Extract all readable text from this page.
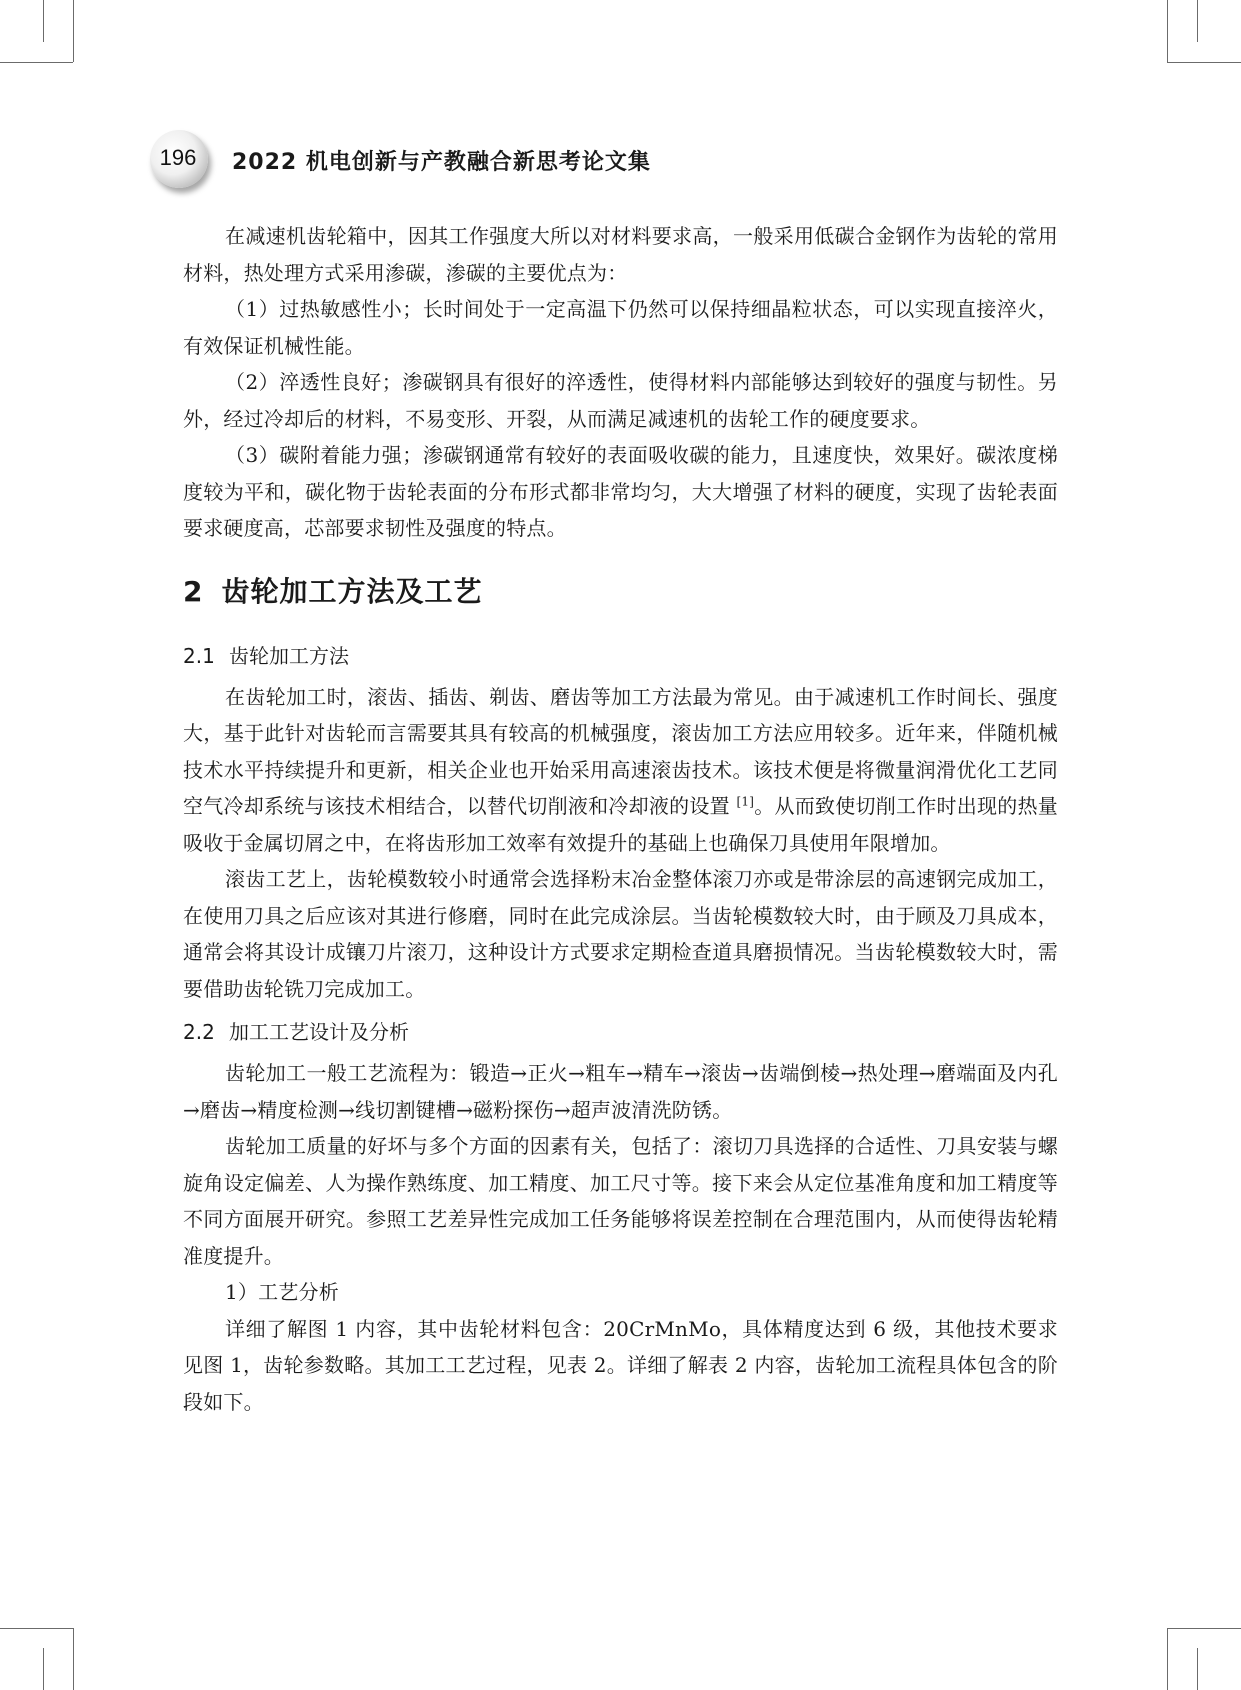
196	2022 机电创新与产教融合新思考论文集

在减速机齿轮箱中，因其工作强度大所以对材料要求高，一般采用低碳合金钢作为齿轮的常用材料，热处理方式采用渗碳，渗碳的主要优点为：

（1）过热敏感性小；长时间处于一定高温下仍然可以保持细晶粒状态，可以实现直接淬火，有效保证机械性能。

（2）淬透性良好；渗碳钢具有很好的淬透性，使得材料内部能够达到较好的强度与韧性。另外，经过冷却后的材料，不易变形、开裂，从而满足减速机的齿轮工作的硬度要求。

（3）碳附着能力强；渗碳钢通常有较好的表面吸收碳的能力，且速度快，效果好。碳浓度梯度较为平和，碳化物于齿轮表面的分布形式都非常均匀，大大增强了材料的硬度，实现了齿轮表面要求硬度高，芯部要求韧性及强度的特点。

2 齿轮加工方法及工艺
2.1 齿轮加工方法

在齿轮加工时，滚齿、插齿、剃齿、磨齿等加工方法最为常见。由于减速机工作时间长、强度大，基于此针对齿轮而言需要其具有较高的机械强度，滚齿加工方法应用较多。近年来，伴随机械技术水平持续提升和更新，相关企业也开始采用高速滚齿技术。该技术便是将微量润滑优化工艺同空气冷却系统与该技术相结合，以替代切削液和冷却液的设置 [1]。从而致使切削工作时出现的热量吸收于金属切屑之中，在将齿形加工效率有效提升的基础上也确保刀具使用年限增加。

滚齿工艺上，齿轮模数较小时通常会选择粉末冶金整体滚刀亦或是带涂层的高速钢完成加工，在使用刀具之后应该对其进行修磨，同时在此完成涂层。当齿轮模数较大时，由于顾及刀具成本，通常会将其设计成镶刀片滚刀，这种设计方式要求定期检查道具磨损情况。当齿轮模数较大时，需要借助齿轮铣刀完成加工。

2.2 加工工艺设计及分析

齿轮加工一般工艺流程为：锻造→正火→粗车→精车→滚齿→齿端倒棱→热处理→磨端面及内孔→磨齿→精度检测→线切割键槽→磁粉探伤→超声波清洗防锈。

齿轮加工质量的好坏与多个方面的因素有关，包括了：滚切刀具选择的合适性、刀具安装与螺旋角设定偏差、人为操作熟练度、加工精度、加工尺寸等。接下来会从定位基准角度和加工精度等不同方面展开研究。参照工艺差异性完成加工任务能够将误差控制在合理范围内，从而使得齿轮精准度提升。

1）工艺分析

详细了解图 1 内容，其中齿轮材料包含：20CrMnMo，具体精度达到 6 级，其他技术要求见图 1，齿轮参数略。其加工工艺过程，见表 2。详细了解表 2 内容，齿轮加工流程具体包含的阶段如下。
